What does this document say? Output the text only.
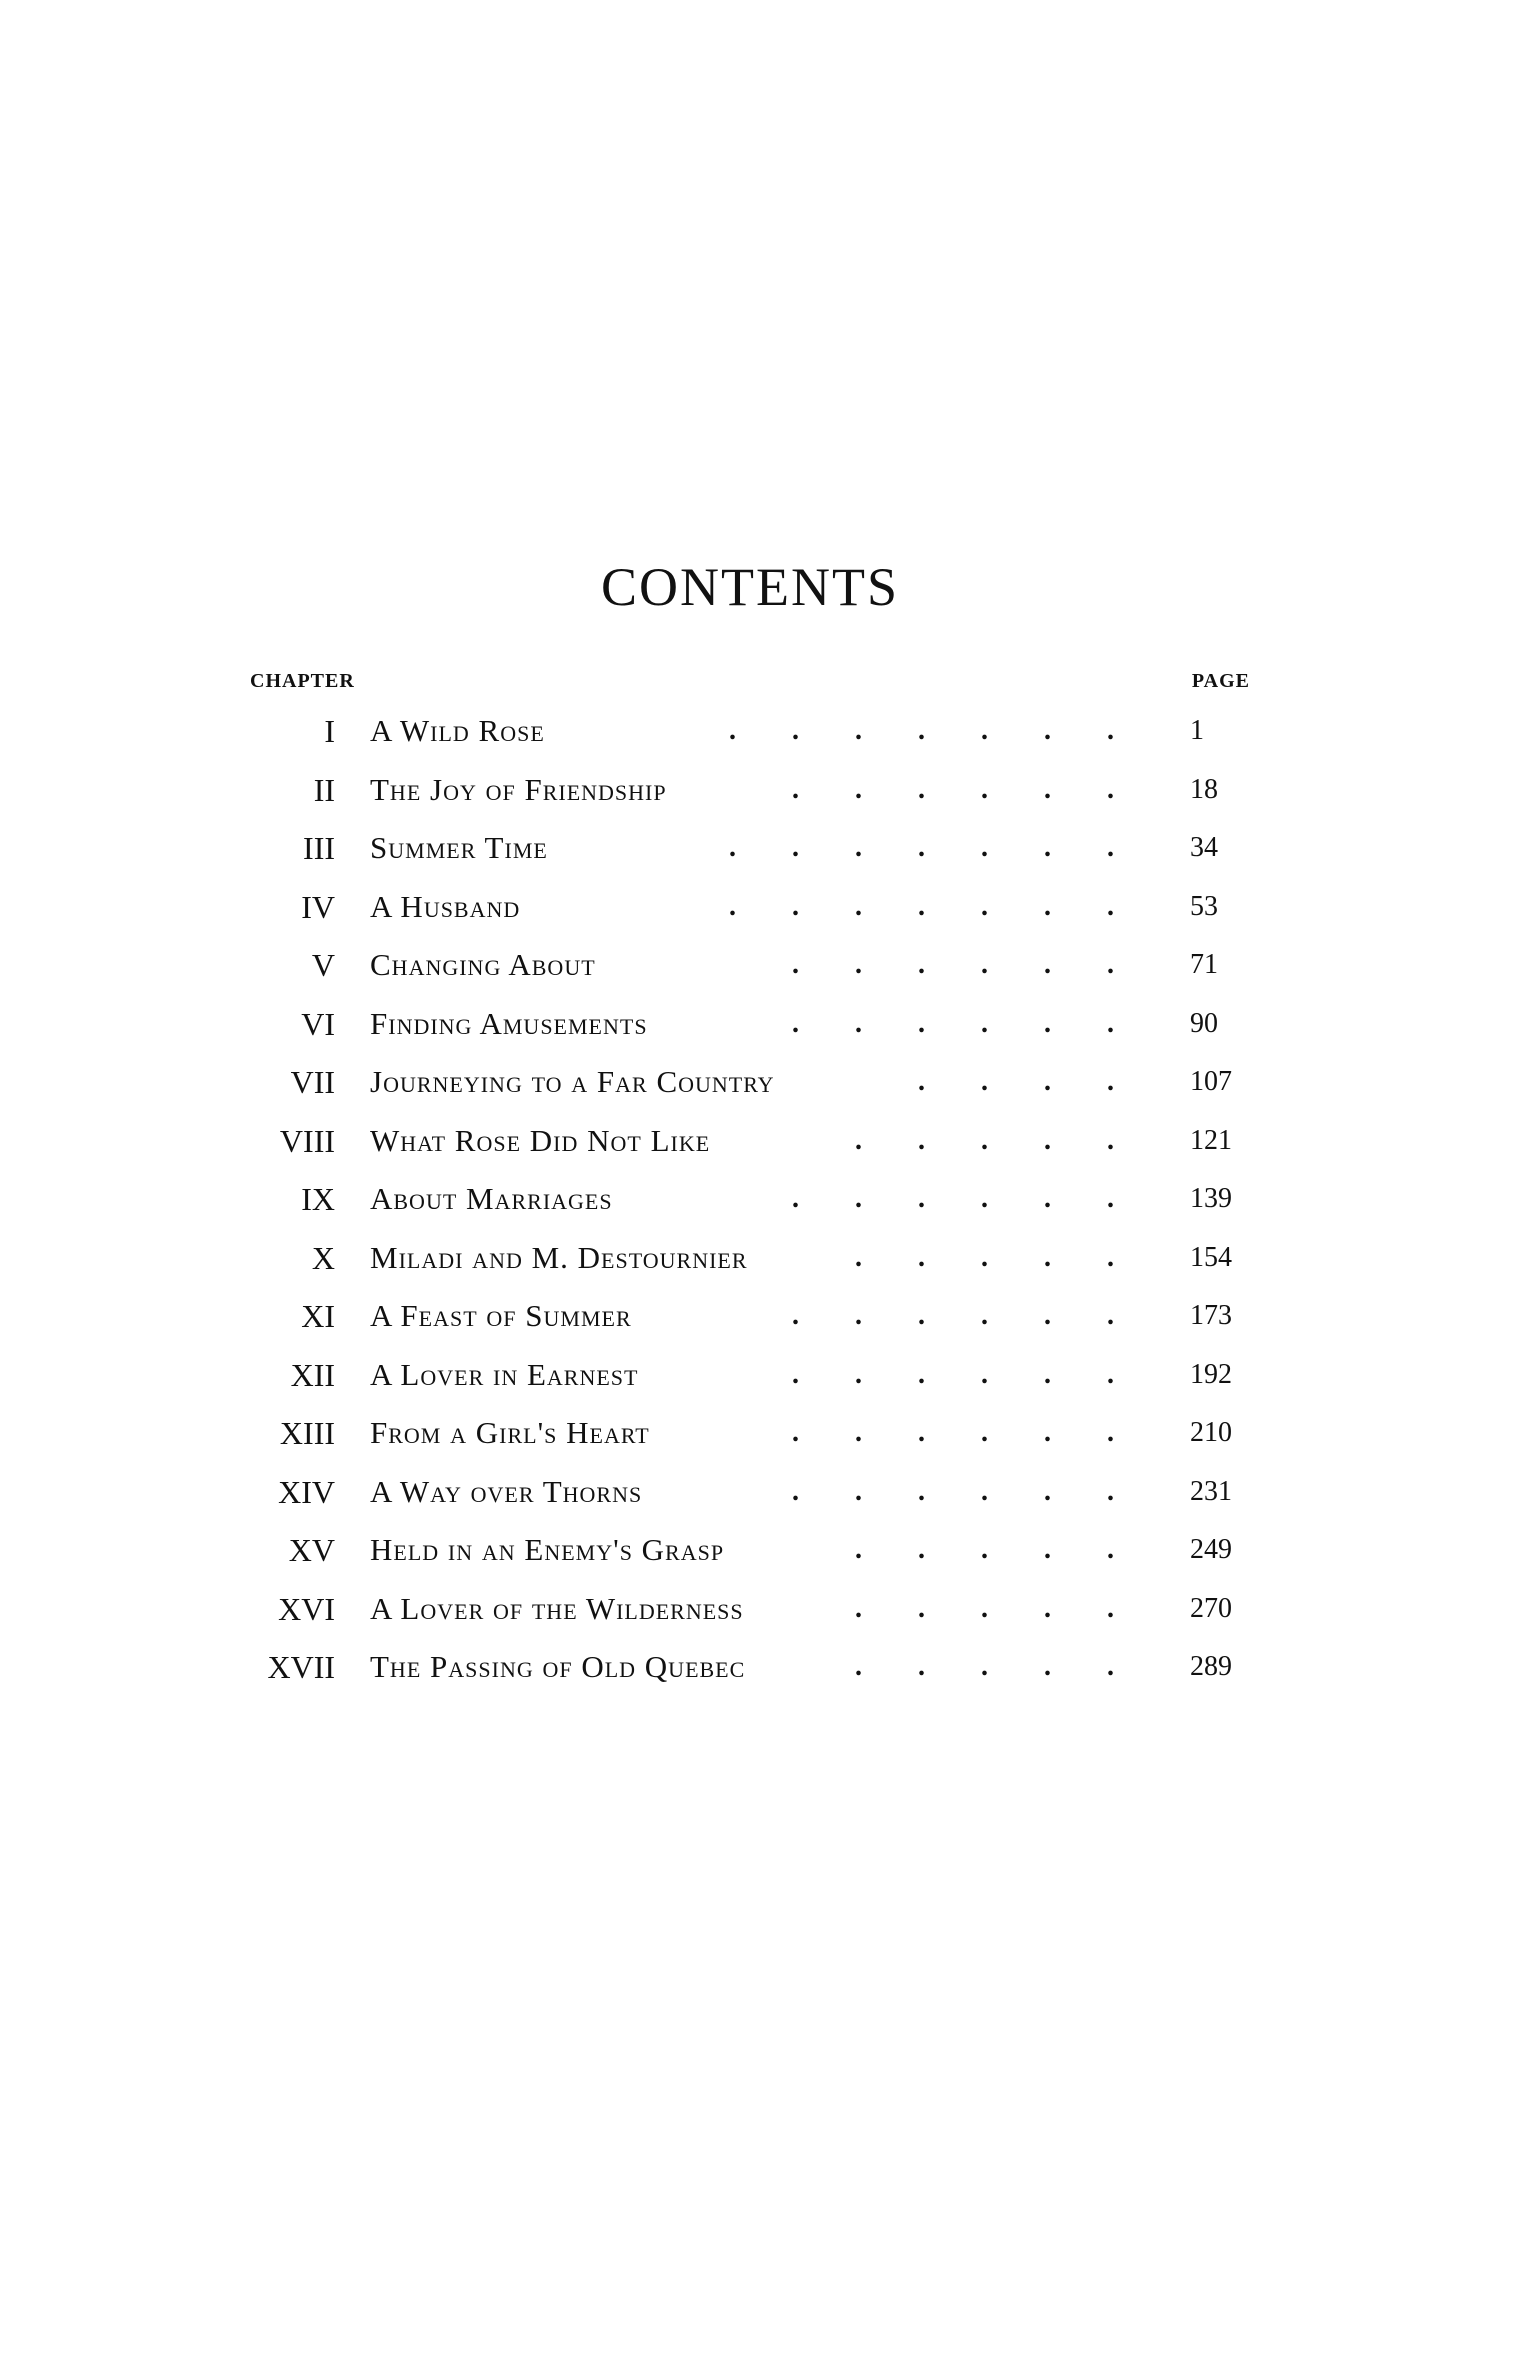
CONTENTS
CHAPTER	PAGE
I A Wild Rose	....... 1
II The Joy of Friendship	...... 18
III Summer Time	....... 34
IV A Husband	....... 53
V Changing About	...... 71
VI Finding Amusements	...... 90
VII Journeying to a Far Country	.... 107
VIII What Rose Did Not Like	..... 121
IX About Marriages	...... 139
X Miladi and M. Destournier	..... 154
XI A Feast of Summer	...... 173
XII A Lover in Earnest	...... 192
XIII From a Girl's Heart	...... 210
XIV A Way over Thorns	...... 231
XV Held in an Enemy's Grasp	..... 249
XVI A Lover of the Wilderness	..... 270
XVII The Passing of Old Quebec	..... 289
